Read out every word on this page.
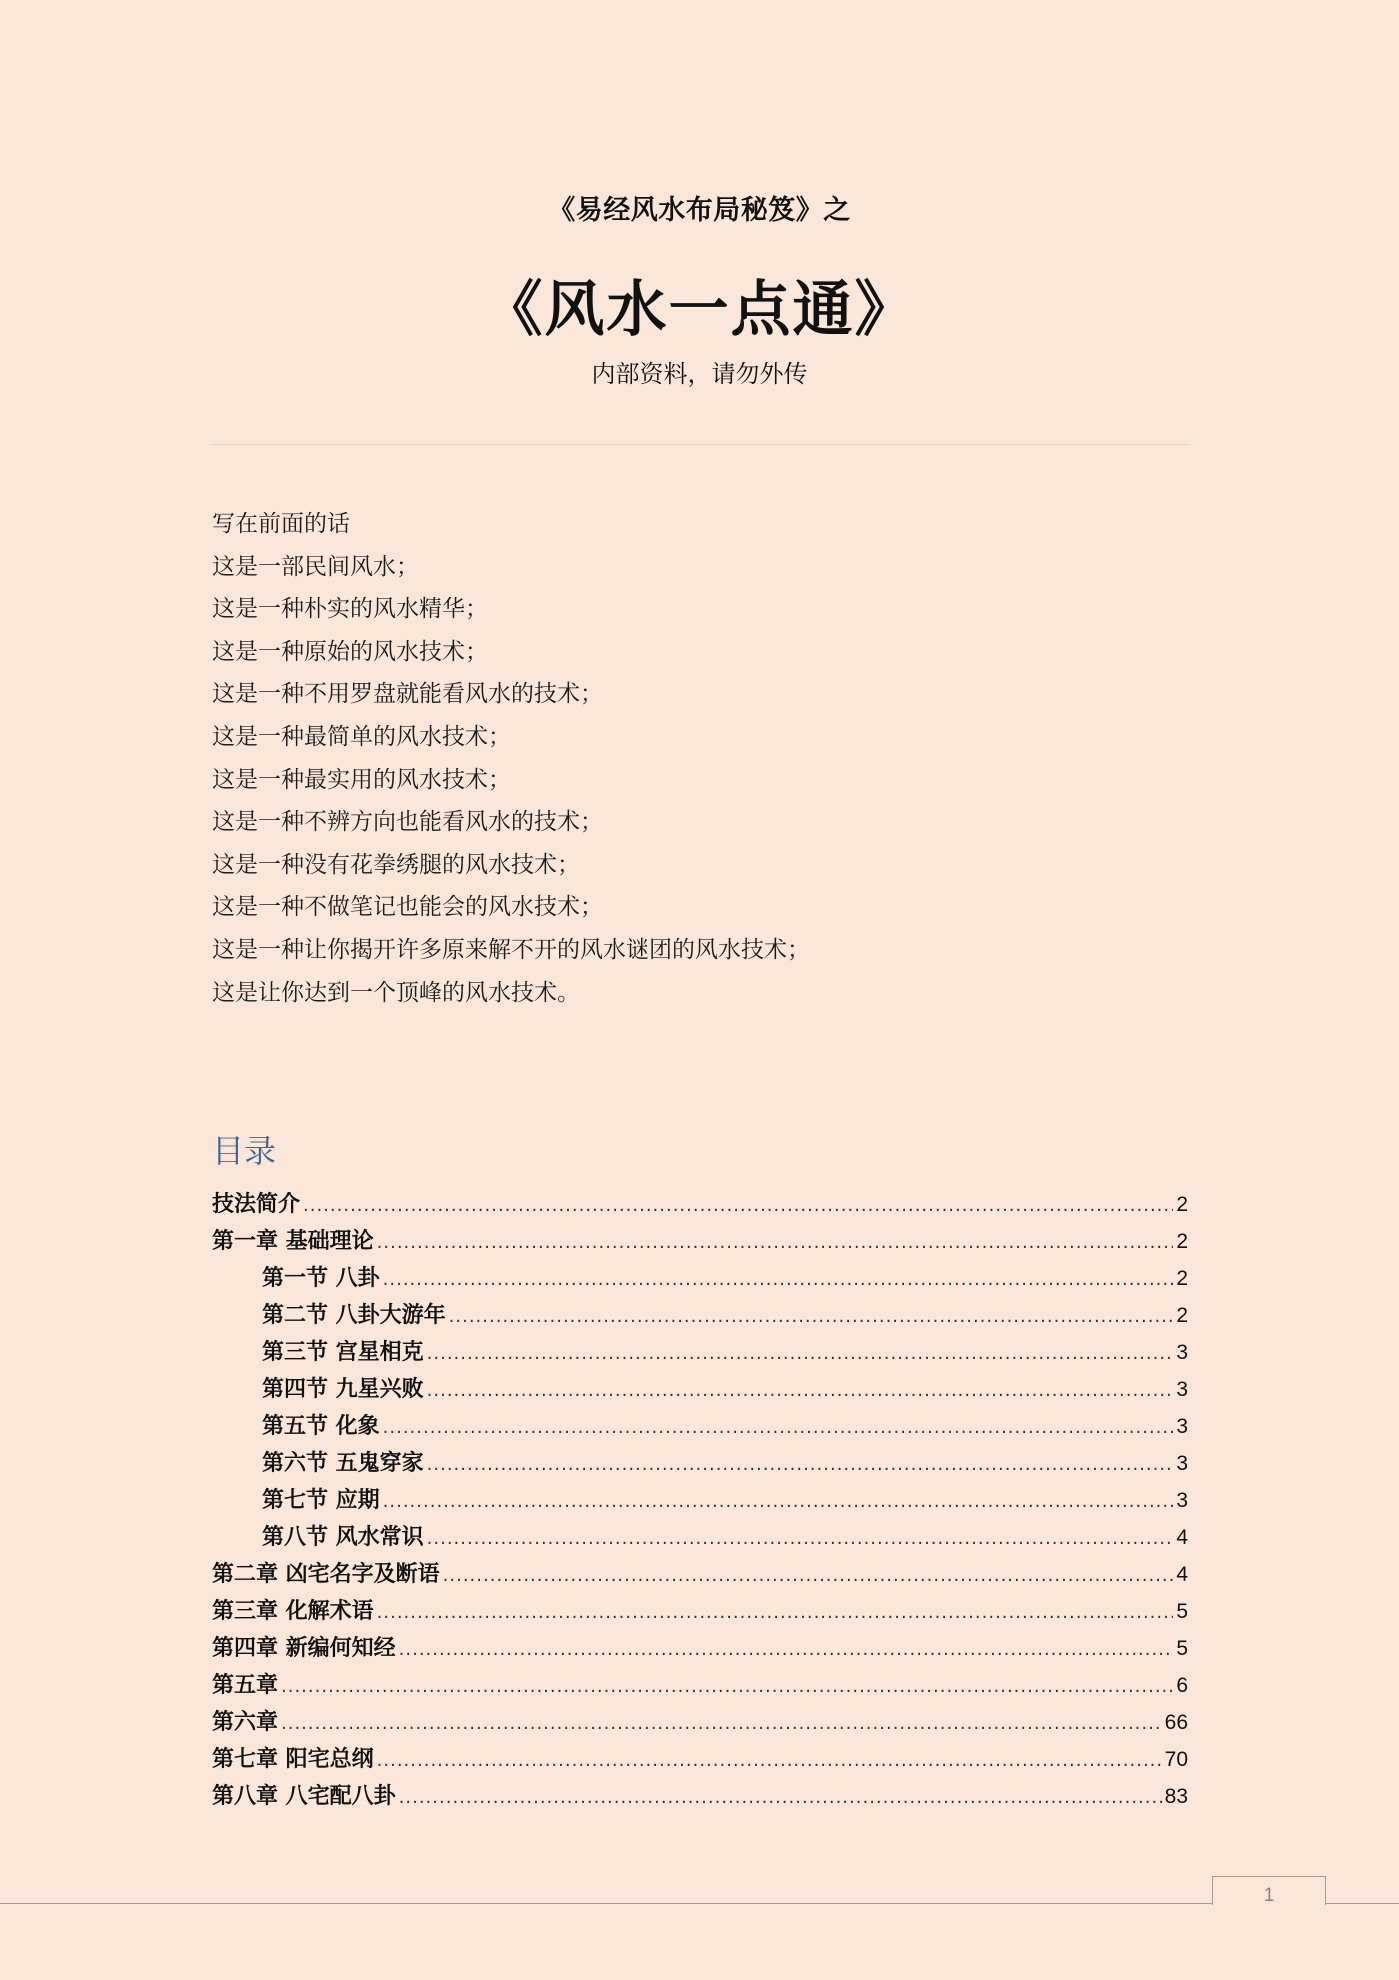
《易经风水布局秘笈》之
《风水一点通》
内部资料，请勿外传
写在前面的话
这是一部民间风水；
这是一种朴实的风水精华；
这是一种原始的风水技术；
这是一种不用罗盘就能看风水的技术；
这是一种最简单的风水技术；
这是一种最实用的风水技术；
这是一种不辨方向也能看风水的技术；
这是一种没有花拳绣腿的风水技术；
这是一种不做笔记也能会的风水技术；
这是一种让你揭开许多原来解不开的风水谜团的风水技术；
这是让你达到一个顶峰的风水技术。
目录
技法简介 .....	2
第一章 基础理论 .....	2
第一节 八卦 .....	2
第二节 八卦大游年 .....	2
第三节 宫星相克 .....	3
第四节 九星兴败 .....	3
第五节 化象 .....	3
第六节 五鬼穿家 .....	3
第七节 应期 .....	3
第八节 风水常识 .....	4
第二章 凶宅名字及断语 .....	4
第三章 化解术语 .....	5
第四章 新编何知经 .....	5
第五章 .....	6
第六章 .....	66
第七章 阳宅总纲 .....	70
第八章 八宅配八卦 .....	83
1
